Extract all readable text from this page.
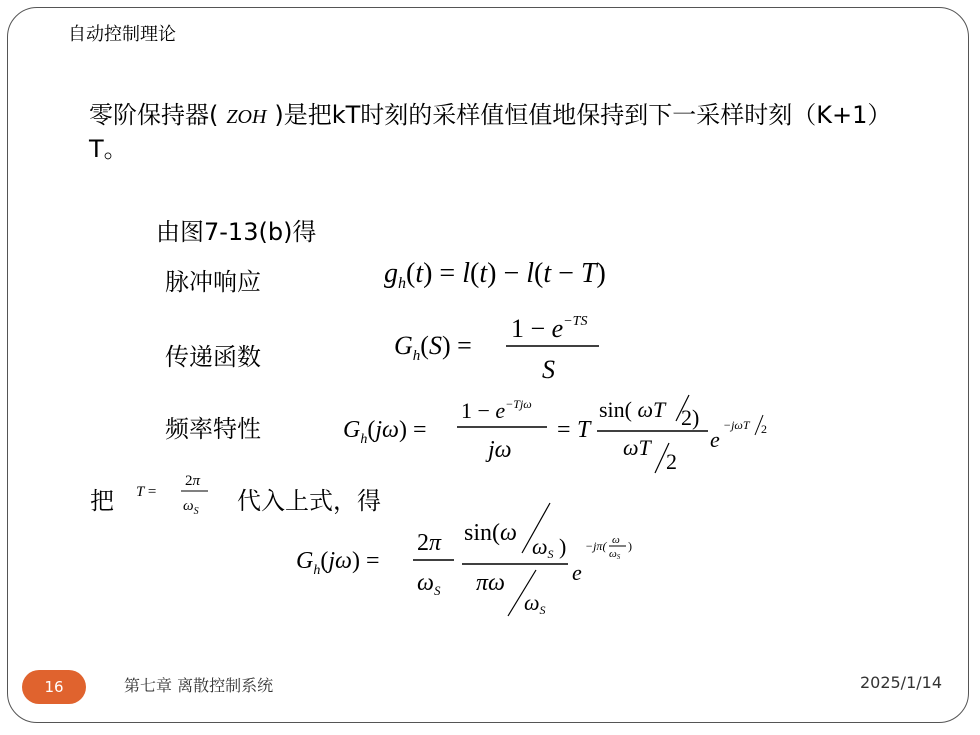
自动控制理论
零阶保持器( ZOH )是把kT时刻的采样值恒值地保持到下一采样时刻（K+1）T。
由图7-13(b)得
脉冲响应	$g_h(t) = l(t) - l(t - T)$
传递函数	$G_h(S)$ =
$1 - e^{-TS}$
S
频率特性	$G_h(j\omega)$ =
$1 - e^{-Tj\omega}$
jω
= T
sin( ωT 2)
ωT
2
e
−jωT 2
把 T =
2π
$\omega_S$ 代入上式，得
$G_h(j\omega)$ =
2π
$\omega_S$
sin(ω
ωS )
πω
ωS
e
−jπ( ω
ωS
)
16	第七章 离散控制系统	2025/1/14
